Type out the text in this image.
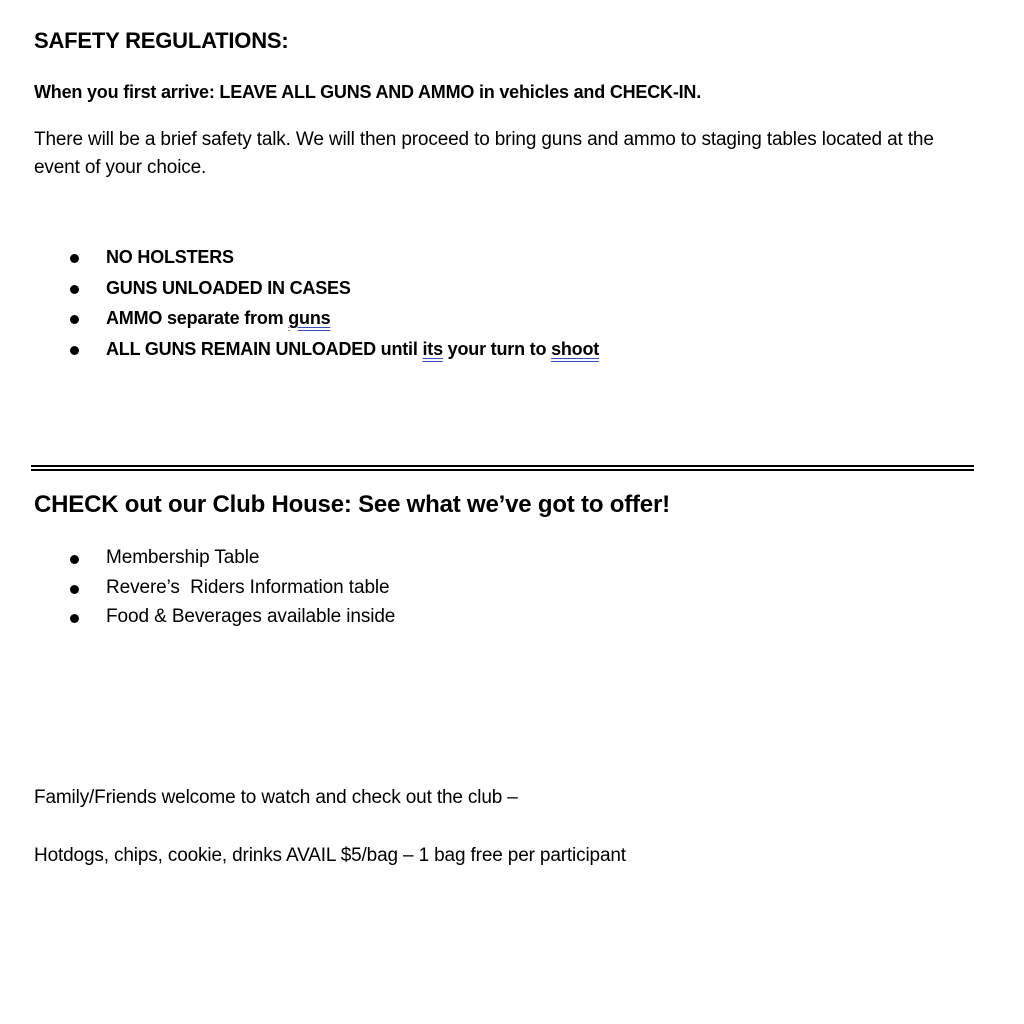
SAFETY REGULATIONS:
When you first arrive: LEAVE ALL GUNS AND AMMO in vehicles and CHECK-IN.
There will be a brief safety talk. We will then proceed to bring guns and ammo to staging tables located at the event of your choice.
NO HOLSTERS
GUNS UNLOADED IN CASES
AMMO separate from guns
ALL GUNS REMAIN UNLOADED until its your turn to shoot
CHECK out our Club House: See what we’ve got to offer!
Membership Table
Revere’s  Riders Information table
Food & Beverages available inside
Family/Friends welcome to watch and check out the club –
Hotdogs, chips, cookie, drinks AVAIL $5/bag – 1 bag free per participant
